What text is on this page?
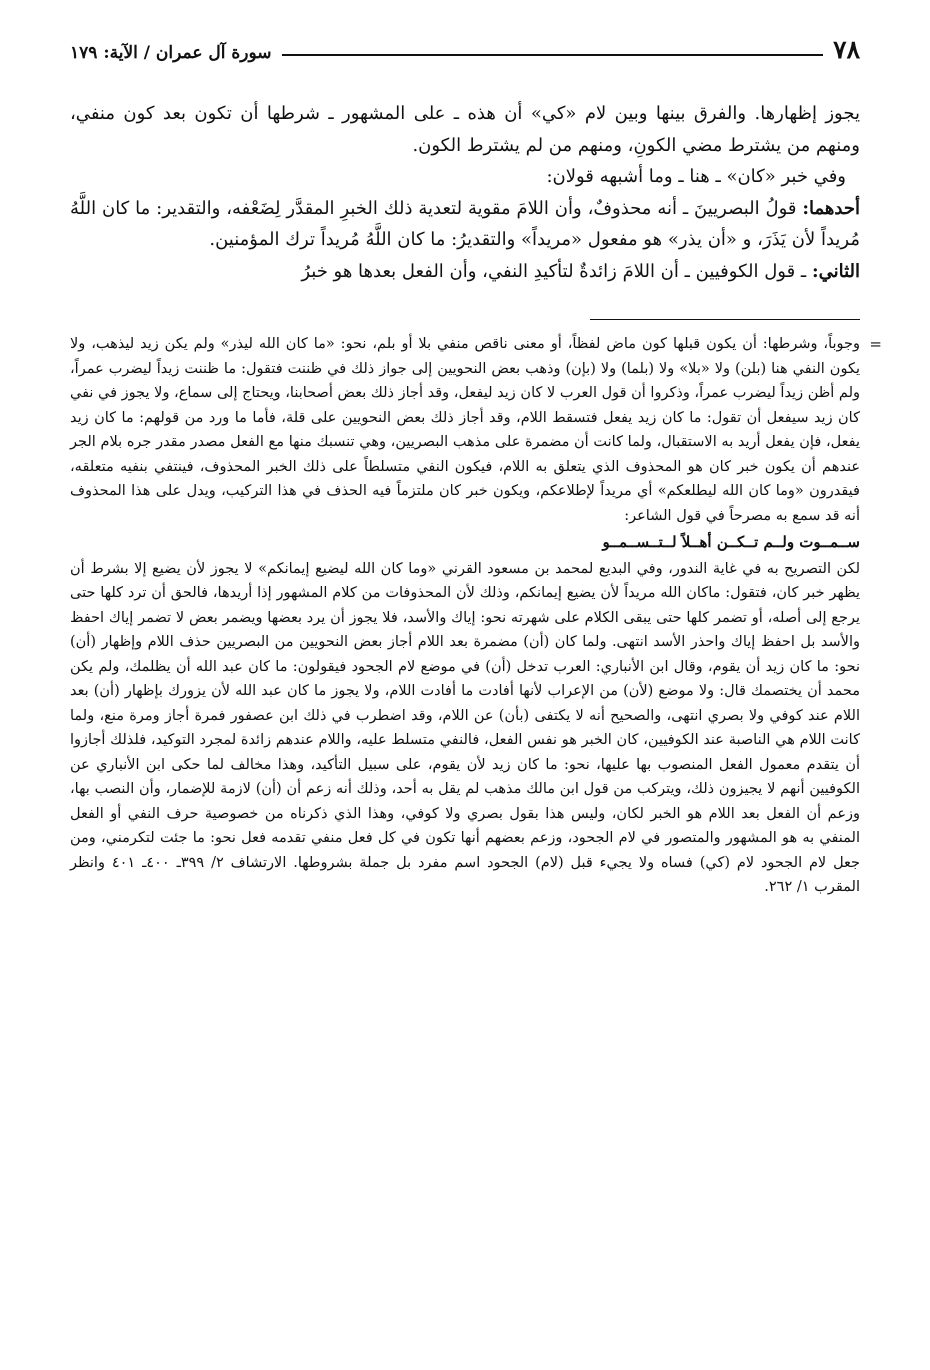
٧٨
سورة آل عمران / الآية: ١٧٩

يجوز إظهارها. والفرق بينها وبين لام «كي» أن هذه ـ على المشهور ـ شرطها أن تكون بعد كون منفي، ومنهم من يشترط مضي الكونِ، ومنهم من لم يشترط الكون.

وفي خبر «كان» ـ هنا ـ وما أشبهه قولان:

أحدهما: قولُ البصريينَ ـ أنه محذوفٌ، وأن اللامَ مقوية لتعدية ذلك الخبرِ المقدَّر لِضَعْفه، والتقدير: ما كان اللَّهُ مُريداً لأن يَذَرَ، و «أن يذر» هو مفعول «مريداً» والتقديرُ: ما كان اللَّهُ مُريداً ترك المؤمنين.

الثاني: ـ قول الكوفيين ـ أن اللامَ زائدةٌ لتأكيدِ النفي، وأن الفعل بعدها هو خبرُ

=

وجوباً، وشرطها: أن يكون قبلها كون ماض لفظاً، أو معنى ناقص منفي بلا أو بلم، نحو: «ما كان الله ليذر» ولم يكن زيد ليذهب، ولا يكون النفي هنا (بلن) ولا «بلا» ولا (بلما) ولا (بإن) وذهب بعض النحويين إلى جواز ذلك في ظننت فتقول: ما ظننت زيداً ليضرب عمراً، ولم أظن زيداً ليضرب عمراً، وذكروا أن قول العرب لا كان زيد ليفعل، وقد أجاز ذلك بعض أصحابنا، ويحتاج إلى سماع، ولا يجوز في نفي كان زيد سيفعل أن تقول: ما كان زيد يفعل فتسقط اللام، وقد أجاز ذلك بعض النحويين على قلة، فأما ما ورد من قولهم: ما كان زيد يفعل، فإن يفعل أريد به الاستقبال، ولما كانت أن مضمرة على مذهب البصريين، وهي تنسبك منها مع الفعل مصدر مقدر جره بلام الجر عندهم أن يكون خبر كان هو المحذوف الذي يتعلق به اللام، فيكون النفي متسلطاً على ذلك الخبر المحذوف، فينتفي بنفيه متعلقه، فيقدرون «وما كان الله ليطلعكم» أي مريداً لإطلاعكم، ويكون خبر كان ملتزماً فيه الحذف في هذا التركيب، ويدل على هذا المحذوف أنه قد سمع به مصرحاً في قول الشاعر:

ســمــوت ولــم تــكــن أهــلاً لــتــســمــو

لكن التصريح به في غاية الندور، وفي البديع لمحمد بن مسعود القرني «وما كان الله ليضيع إيمانكم» لا يجوز لأن يضيع إلا بشرط أن يظهر خبر كان، فتقول: ماكان الله مريداً لأن يضيع إيمانكم، وذلك لأن المحذوفات من كلام المشهور إذا أريدها، فالحق أن ترد كلها حتى يرجع إلى أصله، أو تضمر كلها حتى يبقى الكلام على شهرته نحو: إياك والأسد، فلا يجوز أن يرد بعضها ويضمر بعض لا تضمر إياك احفظ والأسد بل احفظ إياك واحذر الأسد انتهى. ولما كان (أن) مضمرة بعد اللام أجاز بعض النحويين من البصريين حذف اللام وإظهار (أن) نحو: ما كان زيد أن يقوم، وقال ابن الأنباري: العرب تدخل (أن) في موضع لام الجحود فيقولون: ما كان عبد الله أن يظلمك، ولم يكن محمد أن يختصمك قال: ولا موضع (لأن) من الإعراب لأنها أفادت ما أفادت اللام، ولا يجوز ما كان عبد الله لأن يزورك بإظهار (أن) بعد اللام عند كوفي ولا بصري انتهى، والصحيح أنه لا يكتفى (بأن) عن اللام، وقد اضطرب في ذلك ابن عصفور فمرة أجاز ومرة منع، ولما كانت اللام هي الناصبة عند الكوفيين، كان الخبر هو نفس الفعل، فالنفي متسلط عليه، واللام عندهم زائدة لمجرد التوكيد، فلذلك أجازوا أن يتقدم معمول الفعل المنصوب بها عليها، نحو: ما كان زيد لأن يقوم، على سبيل التأكيد، وهذا مخالف لما حكى ابن الأنباري عن الكوفيين أنهم لا يجيزون ذلك، ويتركب من قول ابن مالك مذهب لم يقل به أحد، وذلك أنه زعم أن (أن) لازمة للإضمار، وأن النصب بها، وزعم أن الفعل بعد اللام هو الخبر لكان، وليس هذا بقول بصري ولا كوفي، وهذا الذي ذكرناه من خصوصية حرف النفي أو الفعل المنفي به هو المشهور والمتصور في لام الجحود، وزعم بعضهم أنها تكون في كل فعل منفي تقدمه فعل نحو: ما جئت لتكرمني، ومن جعل لام الجحود لام (كي) فساه ولا يجيء قبل (لام) الجحود اسم مفرد بل جملة بشروطها. الارتشاف ٢/ ٣٩٩ـ ٤٠٠ـ ٤٠١ وانظر المقرب ١/ ٢٦٢.
